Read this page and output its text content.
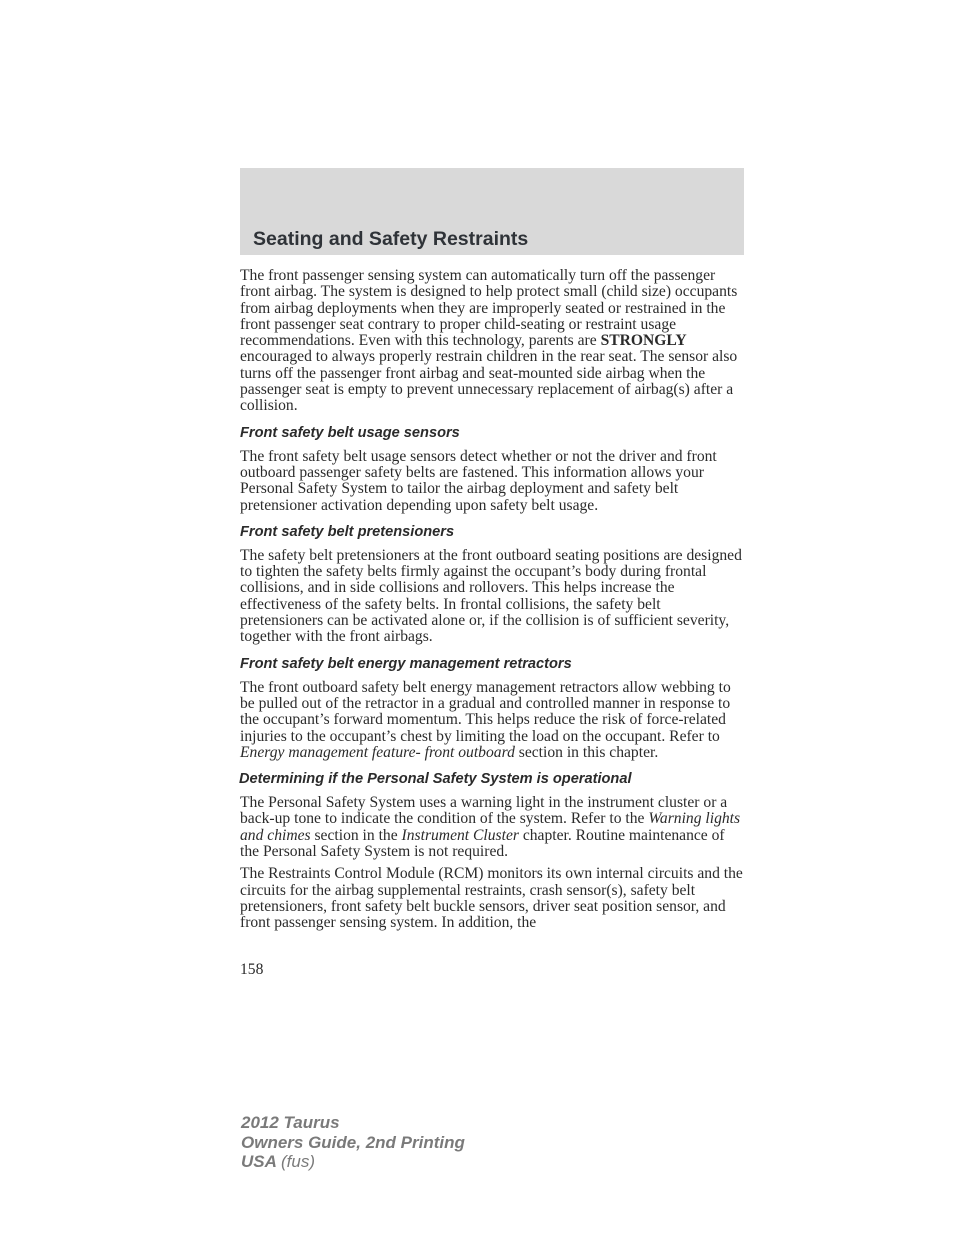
Seating and Safety Restraints

The front passenger sensing system can automatically turn off the passenger front airbag. The system is designed to help protect small (child size) occupants from airbag deployments when they are improperly seated or restrained in the front passenger seat contrary to proper child-seating or restraint usage recommendations. Even with this technology, parents are STRONGLY encouraged to always properly restrain children in the rear seat. The sensor also turns off the passenger front airbag and seat-mounted side airbag when the passenger seat is empty to prevent unnecessary replacement of airbag(s) after a collision.

Front safety belt usage sensors

The front safety belt usage sensors detect whether or not the driver and front outboard passenger safety belts are fastened. This information allows your Personal Safety System to tailor the airbag deployment and safety belt pretensioner activation depending upon safety belt usage.

Front safety belt pretensioners

The safety belt pretensioners at the front outboard seating positions are designed to tighten the safety belts firmly against the occupant’s body during frontal collisions, and in side collisions and rollovers. This helps increase the effectiveness of the safety belts. In frontal collisions, the safety belt pretensioners can be activated alone or, if the collision is of sufficient severity, together with the front airbags.

Front safety belt energy management retractors

The front outboard safety belt energy management retractors allow webbing to be pulled out of the retractor in a gradual and controlled manner in response to the occupant’s forward momentum. This helps reduce the risk of force-related injuries to the occupant’s chest by limiting the load on the occupant. Refer to Energy management feature- front outboard section in this chapter.

Determining if the Personal Safety System is operational

The Personal Safety System uses a warning light in the instrument cluster or a back-up tone to indicate the condition of the system. Refer to the Warning lights and chimes section in the Instrument Cluster chapter. Routine maintenance of the Personal Safety System is not required.

The Restraints Control Module (RCM) monitors its own internal circuits and the circuits for the airbag supplemental restraints, crash sensor(s), safety belt pretensioners, front safety belt buckle sensors, driver seat position sensor, and front passenger sensing system. In addition, the

158
2012 Taurus
Owners Guide, 2nd Printing
USA (fus)
